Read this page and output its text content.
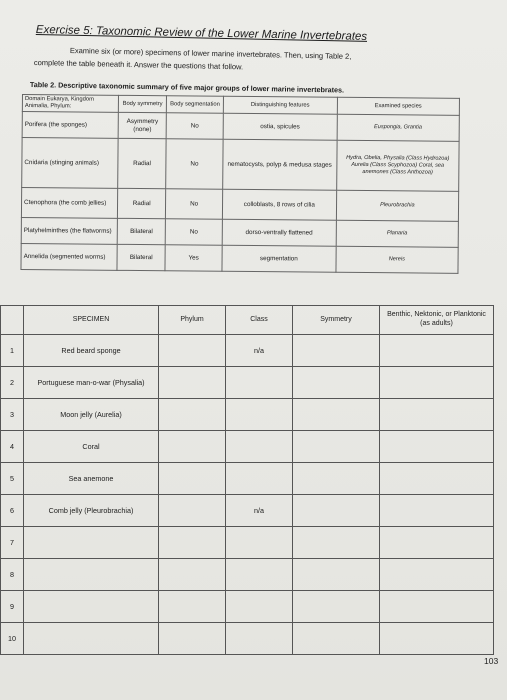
Exercise 5: Taxonomic Review of the Lower Marine Invertebrates
Examine six (or more) specimens of lower marine invertebrates. Then, using Table 2,
complete the table beneath it. Answer the questions that follow.
Table 2. Descriptive taxonomic summary of five major groups of lower marine invertebrates.
Domain Eukarya, Kingdom Animalia, Phylum:	Body symmetry	Body segmentation	Distinguishing features	Examined species
Porifera (the sponges)	Asymmetry (none)	No	ostia, spicules	Euspongia, Grantia
Cnidaria (stinging animals)	Radial	No	nematocysts, polyp & medusa stages	Hydra, Obelia, Physalia (Class Hydrozoa) Aurelia (Class Scyphozoa) Coral, sea anemones (Class Anthozoa)
Ctenophora (the comb jellies)	Radial	No	colloblasts, 8 rows of cilia	Pleurobrachia
Platyhelminthes (the flatworms)	Bilateral	No	dorso-ventrally flattened	Planaria
Annelida (segmented worms)	Bilateral	Yes	segmentation	Nereis
	SPECIMEN	Phylum	Class	Symmetry	Benthic, Nektonic, or Planktonic (as adults)
1	Red beard sponge		n/a		
2	Portuguese man-o-war (Physalia)				
3	Moon jelly (Aurelia)				
4	Coral				
5	Sea anemone				
6	Comb jelly (Pleurobrachia)		n/a		
7					
8					
9					
10					
103
